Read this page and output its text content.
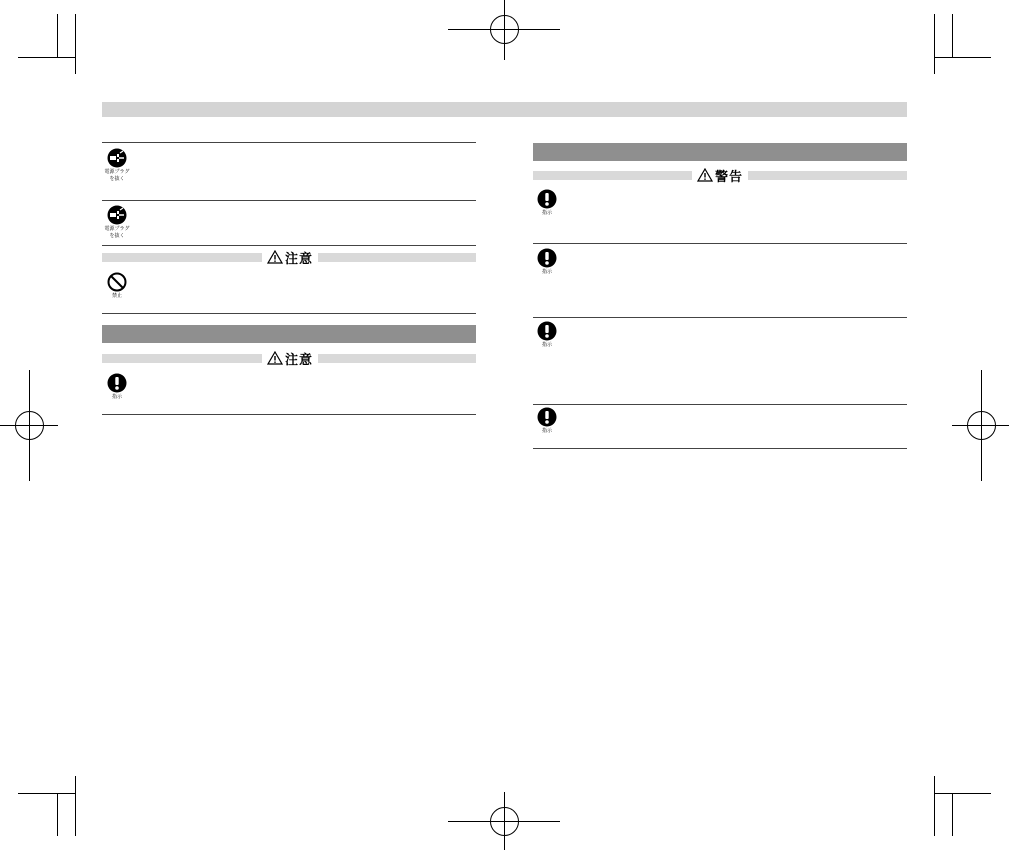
電源プラグ
を抜く
電源プラグ
を抜く
注意
禁止
注意
指示
警告
指示
指示
指示
指示
